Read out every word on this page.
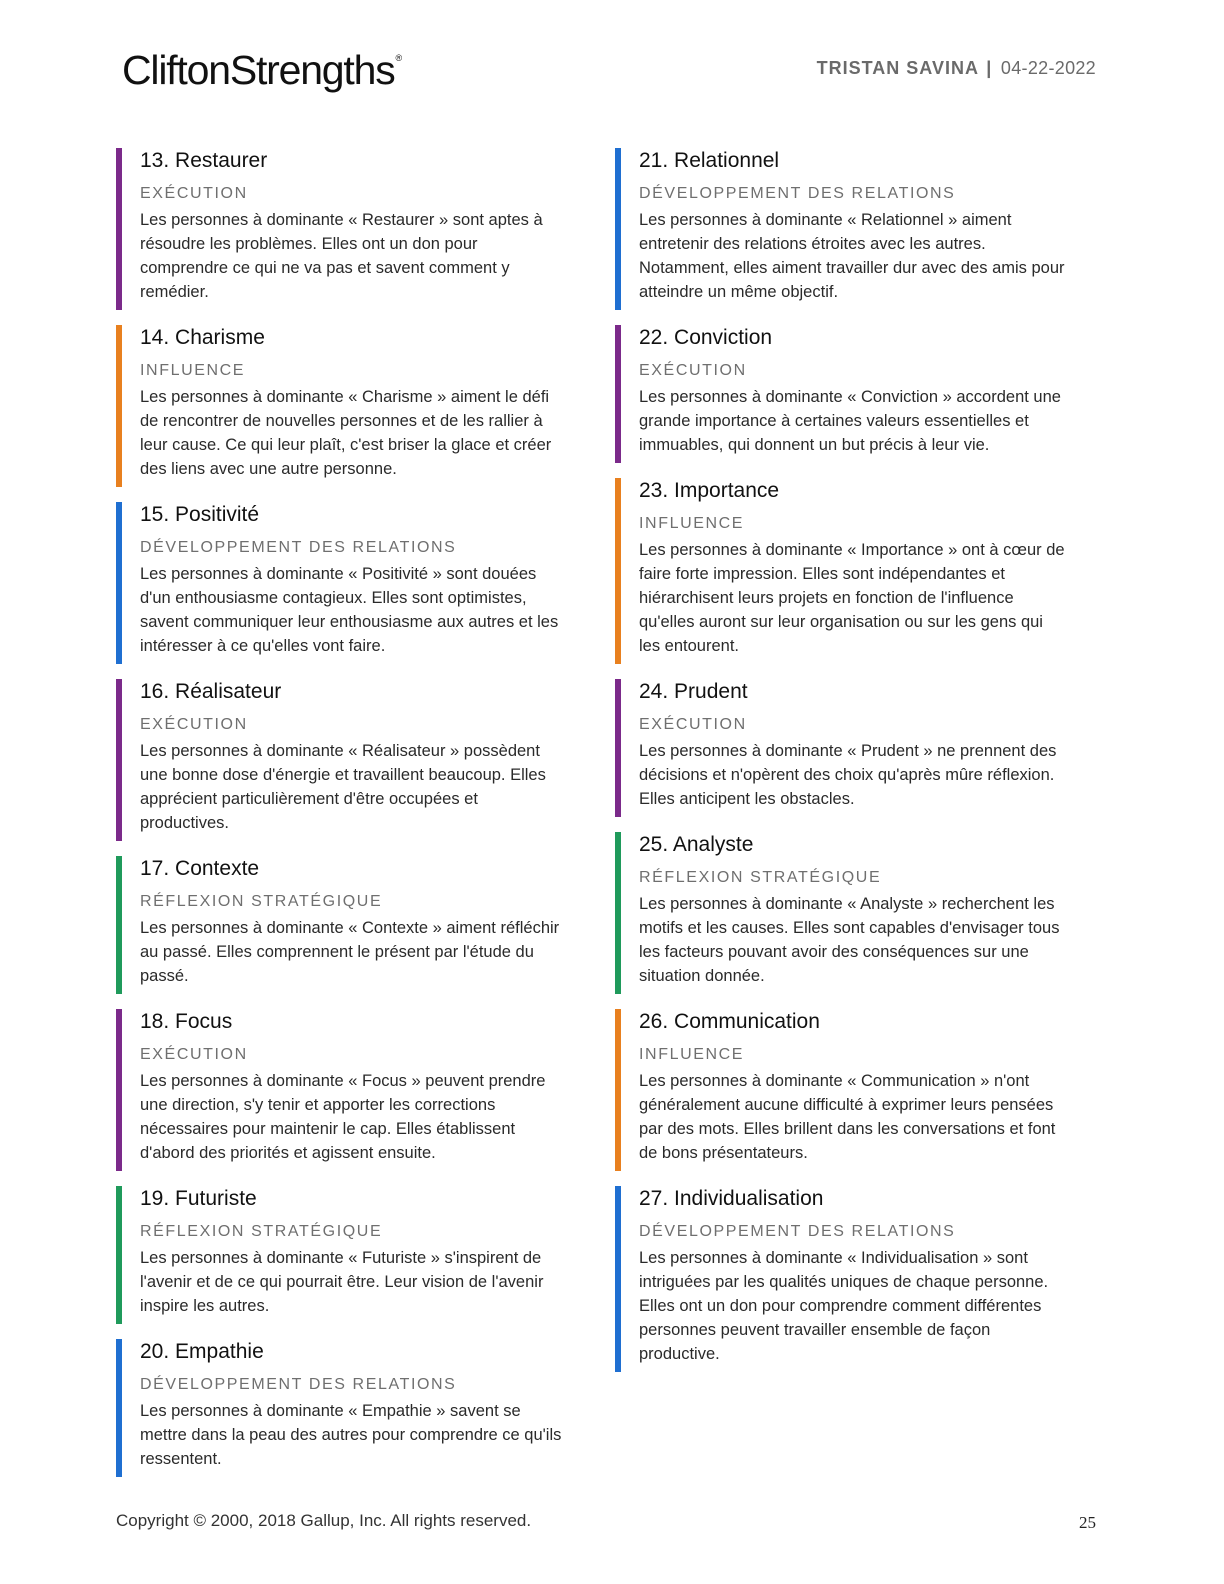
CliftonStrengths®	TRISTAN SAVINA | 04-22-2022
13. Restaurer
EXÉCUTION
Les personnes à dominante « Restaurer » sont aptes à résoudre les problèmes. Elles ont un don pour comprendre ce qui ne va pas et savent comment y remédier.
14. Charisme
INFLUENCE
Les personnes à dominante « Charisme » aiment le défi de rencontrer de nouvelles personnes et de les rallier à leur cause. Ce qui leur plaît, c'est briser la glace et créer des liens avec une autre personne.
15. Positivité
DÉVELOPPEMENT DES RELATIONS
Les personnes à dominante « Positivité » sont douées d'un enthousiasme contagieux. Elles sont optimistes, savent communiquer leur enthousiasme aux autres et les intéresser à ce qu'elles vont faire.
16. Réalisateur
EXÉCUTION
Les personnes à dominante « Réalisateur » possèdent une bonne dose d'énergie et travaillent beaucoup. Elles apprécient particulièrement d'être occupées et productives.
17. Contexte
RÉFLEXION STRATÉGIQUE
Les personnes à dominante « Contexte » aiment réfléchir au passé. Elles comprennent le présent par l'étude du passé.
18. Focus
EXÉCUTION
Les personnes à dominante « Focus » peuvent prendre une direction, s'y tenir et apporter les corrections nécessaires pour maintenir le cap. Elles établissent d'abord des priorités et agissent ensuite.
19. Futuriste
RÉFLEXION STRATÉGIQUE
Les personnes à dominante « Futuriste » s'inspirent de l'avenir et de ce qui pourrait être. Leur vision de l'avenir inspire les autres.
20. Empathie
DÉVELOPPEMENT DES RELATIONS
Les personnes à dominante « Empathie » savent se mettre dans la peau des autres pour comprendre ce qu'ils ressentent.
21. Relationnel
DÉVELOPPEMENT DES RELATIONS
Les personnes à dominante « Relationnel » aiment entretenir des relations étroites avec les autres. Notamment, elles aiment travailler dur avec des amis pour atteindre un même objectif.
22. Conviction
EXÉCUTION
Les personnes à dominante « Conviction » accordent une grande importance à certaines valeurs essentielles et immuables, qui donnent un but précis à leur vie.
23. Importance
INFLUENCE
Les personnes à dominante « Importance » ont à cœur de faire forte impression. Elles sont indépendantes et hiérarchisent leurs projets en fonction de l'influence qu'elles auront sur leur organisation ou sur les gens qui les entourent.
24. Prudent
EXÉCUTION
Les personnes à dominante « Prudent » ne prennent des décisions et n'opèrent des choix qu'après mûre réflexion. Elles anticipent les obstacles.
25. Analyste
RÉFLEXION STRATÉGIQUE
Les personnes à dominante « Analyste » recherchent les motifs et les causes. Elles sont capables d'envisager tous les facteurs pouvant avoir des conséquences sur une situation donnée.
26. Communication
INFLUENCE
Les personnes à dominante « Communication » n'ont généralement aucune difficulté à exprimer leurs pensées par des mots. Elles brillent dans les conversations et font de bons présentateurs.
27. Individualisation
DÉVELOPPEMENT DES RELATIONS
Les personnes à dominante « Individualisation » sont intriguées par les qualités uniques de chaque personne. Elles ont un don pour comprendre comment différentes personnes peuvent travailler ensemble de façon productive.
Copyright © 2000, 2018 Gallup, Inc. All rights reserved.	25
